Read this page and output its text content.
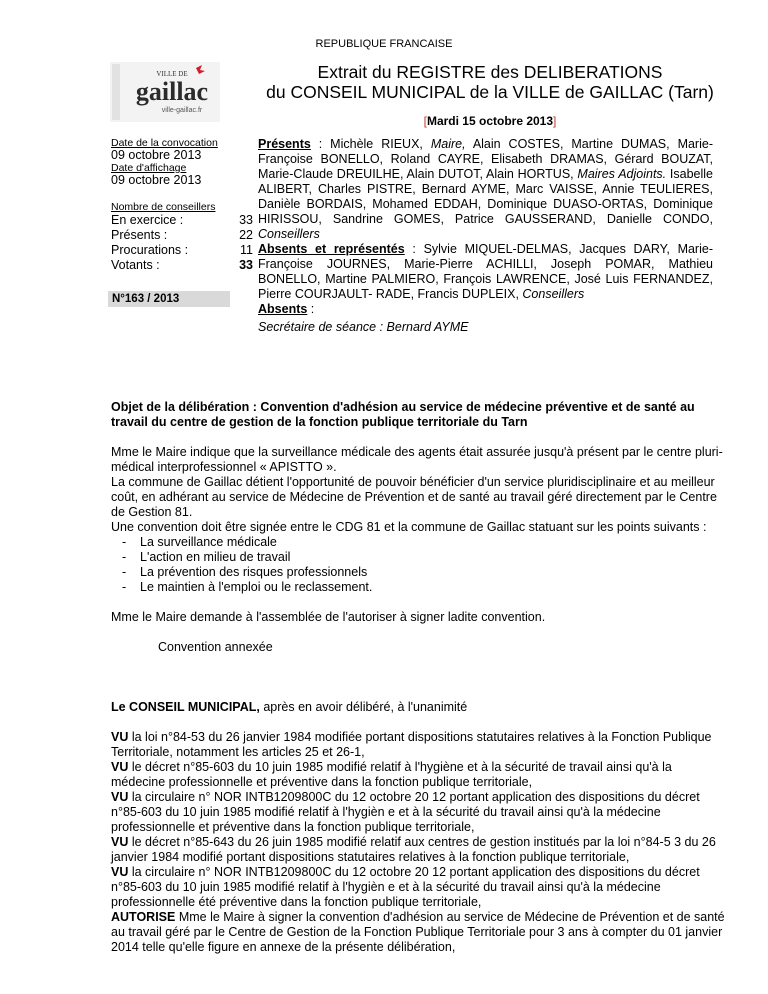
REPUBLIQUE FRANCAISE
VILLE DE
gaillac
ville-gaillac.fr
Extrait du REGISTRE des DELIBERATIONS
du CONSEIL MUNICIPAL de la VILLE de GAILLAC (Tarn)
[Mardi 15 octobre 2013]
Date de la convocation
09 octobre 2013
Date d'affichage
09 octobre 2013
Nombre de conseillers
En exercice :	33
Présents :	22
Procurations :	11
Votants :	33
N°163 / 2013

Présents : Michèle RIEUX, Maire, Alain COSTES, Martine DUMAS, Marie-Françoise BONELLO, Roland CAYRE, Elisabeth DRAMAS, Gérard BOUZAT, Marie-Claude DREUILHE, Alain DUTOT, Alain HORTUS, Maires Adjoints. Isabelle ALIBERT, Charles PISTRE, Bernard AYME, Marc VAISSE, Annie TEULIERES, Danièle BORDAIS, Mohamed EDDAH, Dominique DUASO-ORTAS, Dominique HIRISSOU, Sandrine GOMES, Patrice GAUSSERAND, Danielle CONDO, Conseillers

Absents et représentés : Sylvie MIQUEL-DELMAS, Jacques DARY, Marie-Françoise JOURNES, Marie-Pierre ACHILLI, Joseph POMAR, Mathieu BONELLO, Martine PALMIERO, François LAWRENCE, José Luis FERNANDEZ, Pierre COURJAULT- RADE, Francis DUPLEIX, Conseillers

Absents :

Secrétaire de séance : Bernard AYME

Objet de la délibération : Convention d'adhésion au service de médecine préventive et de santé au travail du centre de gestion de la fonction publique territoriale du Tarn

Mme le Maire indique que la surveillance médicale des agents était assurée jusqu'à présent par le centre pluri-médical interprofessionnel « APISTTO ».

La commune de Gaillac détient l'opportunité de pouvoir bénéficier d'un service pluridisciplinaire et au meilleur coût, en adhérant au service de Médecine de Prévention et de santé au travail géré directement par le Centre de Gestion 81.

Une convention doit être signée entre le CDG 81 et la commune de Gaillac statuant sur les points suivants :

-	La surveillance médicale
-	L'action en milieu de travail
-	La prévention des risques professionnels
-	Le maintien à l'emploi ou le reclassement.

Mme le Maire demande à l'assemblée de l'autoriser à signer ladite convention.

Convention annexée

Le CONSEIL MUNICIPAL, après en avoir délibéré, à l'unanimité

VU la loi n°84-53 du 26 janvier 1984 modifiée portant dispositions statutaires relatives à la Fonction Publique Territoriale, notamment les articles 25 et 26-1,

VU le décret n°85-603 du 10 juin 1985 modifié relatif à l'hygiène et à la sécurité de travail ainsi qu'à la médecine professionnelle et préventive dans la fonction publique territoriale,

VU la circulaire n° NOR INTB1209800C du 12 octobre 20 12 portant application des dispositions du décret n°85-603 du 10 juin 1985 modifié relatif à l'hygièn e et à la sécurité du travail ainsi qu'à la médecine professionnelle et préventive dans la fonction publique territoriale,

VU le décret n°85-643 du 26 juin 1985 modifié relatif aux centres de gestion institués par la loi n°84-5 3 du 26 janvier 1984 modifié portant dispositions statutaires relatives à la fonction publique territoriale,

VU la circulaire n° NOR INTB1209800C du 12 octobre 20 12 portant application des dispositions du décret n°85-603 du 10 juin 1985 modifié relatif à l'hygièn e et à la sécurité du travail ainsi qu'à la médecine professionnelle été préventive dans la fonction publique territoriale,

AUTORISE Mme le Maire à signer la convention d'adhésion au service de Médecine de Prévention et de santé au travail géré par le Centre de Gestion de la Fonction Publique Territoriale pour 3 ans à compter du 01 janvier 2014 telle qu'elle figure en annexe de la présente délibération,
